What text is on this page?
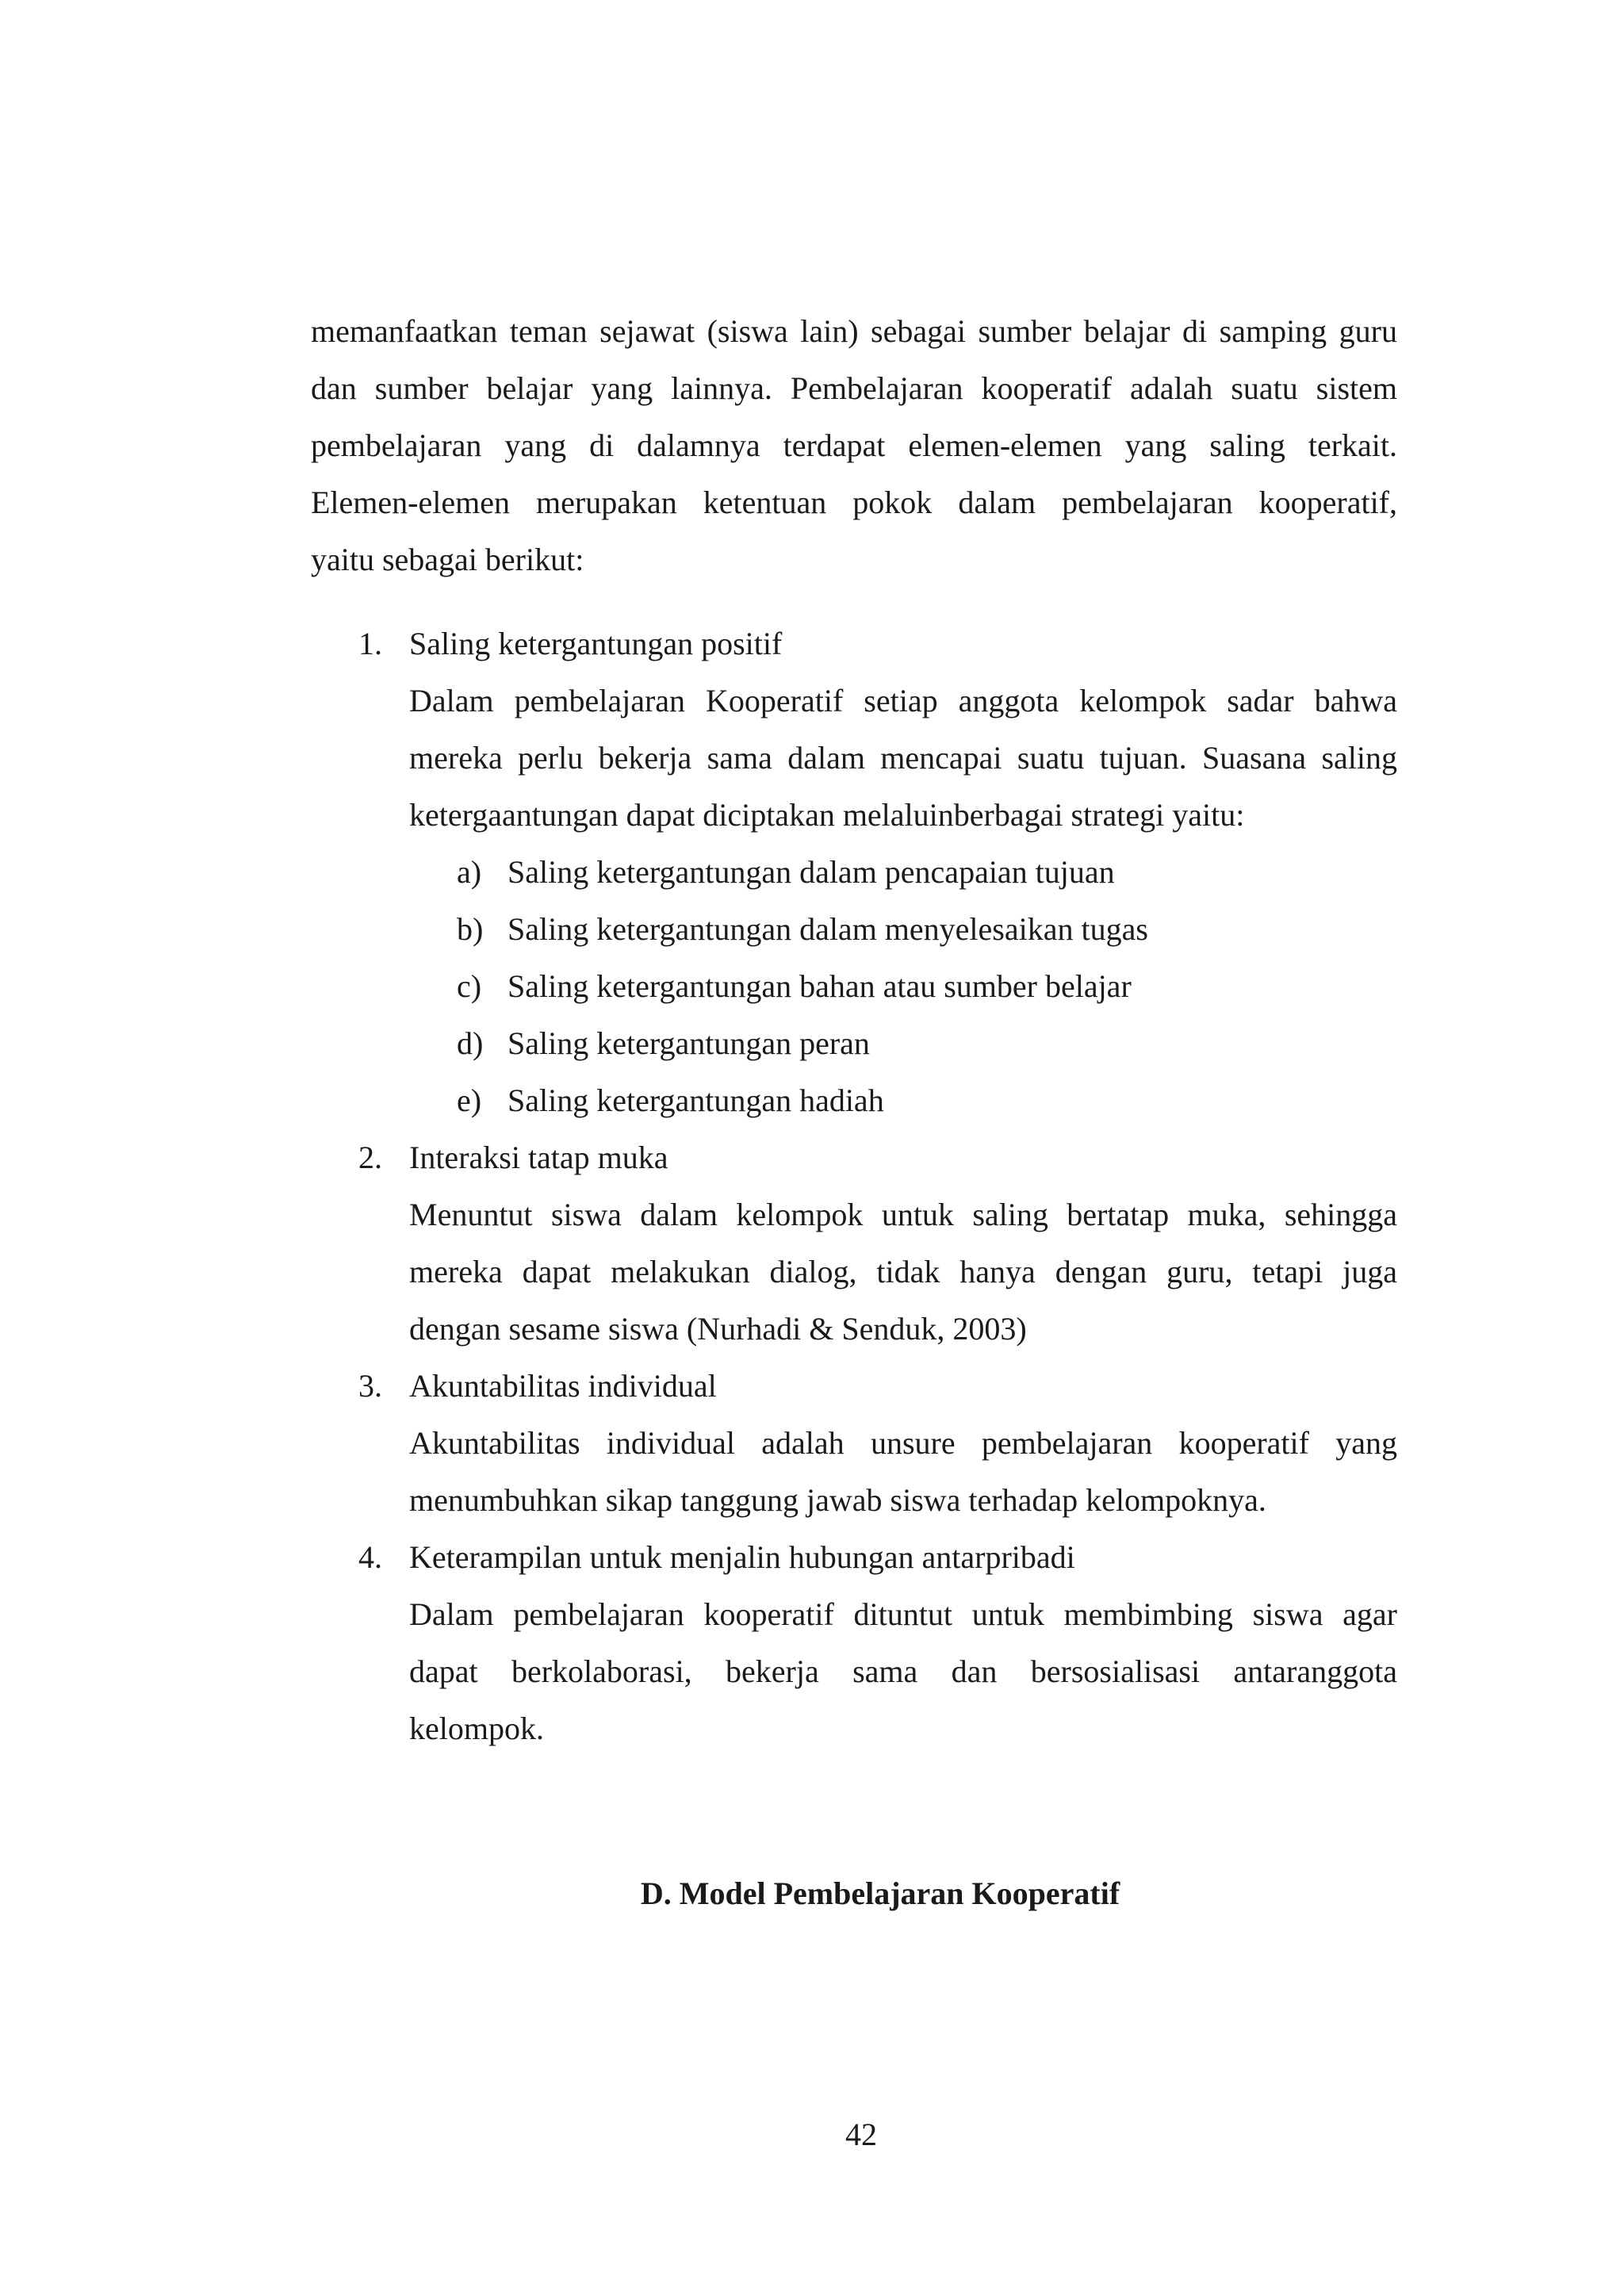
memanfaatkan teman sejawat (siswa lain) sebagai sumber belajar di samping guru
dan sumber belajar yang lainnya. Pembelajaran kooperatif adalah suatu sistem
pembelajaran yang di dalamnya terdapat elemen-elemen yang saling terkait.
Elemen-elemen merupakan ketentuan pokok dalam pembelajaran kooperatif,
yaitu sebagai berikut:
1. Saling ketergantungan positif
Dalam pembelajaran Kooperatif setiap anggota kelompok sadar bahwa
mereka perlu bekerja sama dalam mencapai suatu tujuan. Suasana saling
ketergaantungan dapat diciptakan melaluinberbagai strategi yaitu:
a) Saling ketergantungan dalam pencapaian tujuan
b) Saling ketergantungan dalam menyelesaikan tugas
c) Saling ketergantungan bahan atau sumber belajar
d) Saling ketergantungan peran
e) Saling ketergantungan hadiah
2. Interaksi tatap muka
Menuntut siswa dalam kelompok untuk saling bertatap muka, sehingga
mereka dapat melakukan dialog, tidak hanya dengan guru, tetapi juga
dengan sesame siswa (Nurhadi & Senduk, 2003)
3. Akuntabilitas individual
Akuntabilitas individual adalah unsure pembelajaran kooperatif yang
menumbuhkan sikap tanggung jawab siswa terhadap kelompoknya.
4. Keterampilan untuk menjalin hubungan antarpribadi
Dalam pembelajaran kooperatif dituntut untuk membimbing siswa agar
dapat berkolaborasi, bekerja sama dan bersosialisasi antaranggota
kelompok.
D. Model Pembelajaran Kooperatif
42
